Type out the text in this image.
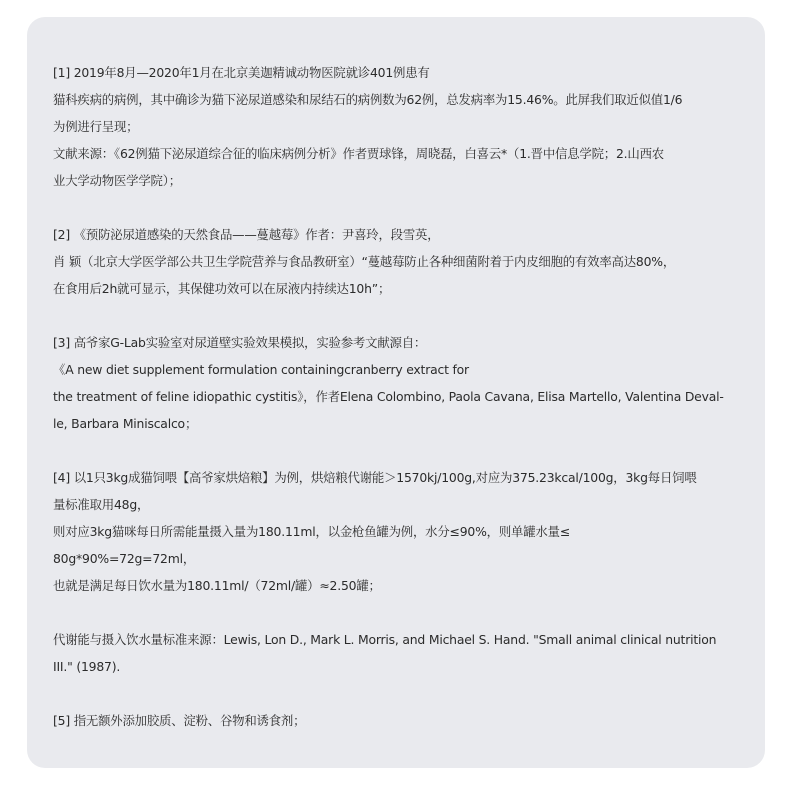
[1] 2019年8月—2020年1月在北京美迦精诚动物医院就诊401例患有
猫科疾病的病例，其中确诊为猫下泌尿道感染和尿结石的病例数为62例，总发病率为15.46%。此屏我们取近似值1/6
为例进行呈现；
文献来源：《62例猫下泌尿道综合征的临床病例分析》作者贾球锋，周晓磊，白喜云*（1.晋中信息学院；2.山西农
业大学动物医学学院）；
[2] 《预防泌尿道感染的天然食品——蔓越莓》作者：尹喜玲，段雪英，
肖 颖（北京大学医学部公共卫生学院营养与食品教研室）“蔓越莓防止各种细菌附着于内皮细胞的有效率高达80%，
在食用后2h就可显示，其保健功效可以在尿液内持续达10h”；
[3] 高爷家G-Lab实验室对尿道壁实验效果模拟，实验参考文献源自：
《A new diet supplement formulation containingcranberry extract for
the treatment of feline idiopathic cystitis》，作者Elena Colombino, Paola Cavana, Elisa Martello, Valentina Deval-
le, Barbara Miniscalco；
[4] 以1只3kg成猫饲喂【高爷家烘焙粮】为例，烘焙粮代谢能＞1570kj/100g,对应为375.23kcal/100g，3kg每日饲喂
量标准取用48g，
则对应3kg猫咪每日所需能量摄入量为180.11ml，以金枪鱼罐为例，水分≤90%，则单罐水量≤
80g*90%=72g=72ml，
也就是满足每日饮水量为180.11ml/（72ml/罐）≈2.50罐；
代谢能与摄入饮水量标准来源：Lewis, Lon D., Mark L. Morris, and Michael S. Hand. "Small animal clinical nutrition
III." (1987).
[5] 指无额外添加胶质、淀粉、谷物和诱食剂；
